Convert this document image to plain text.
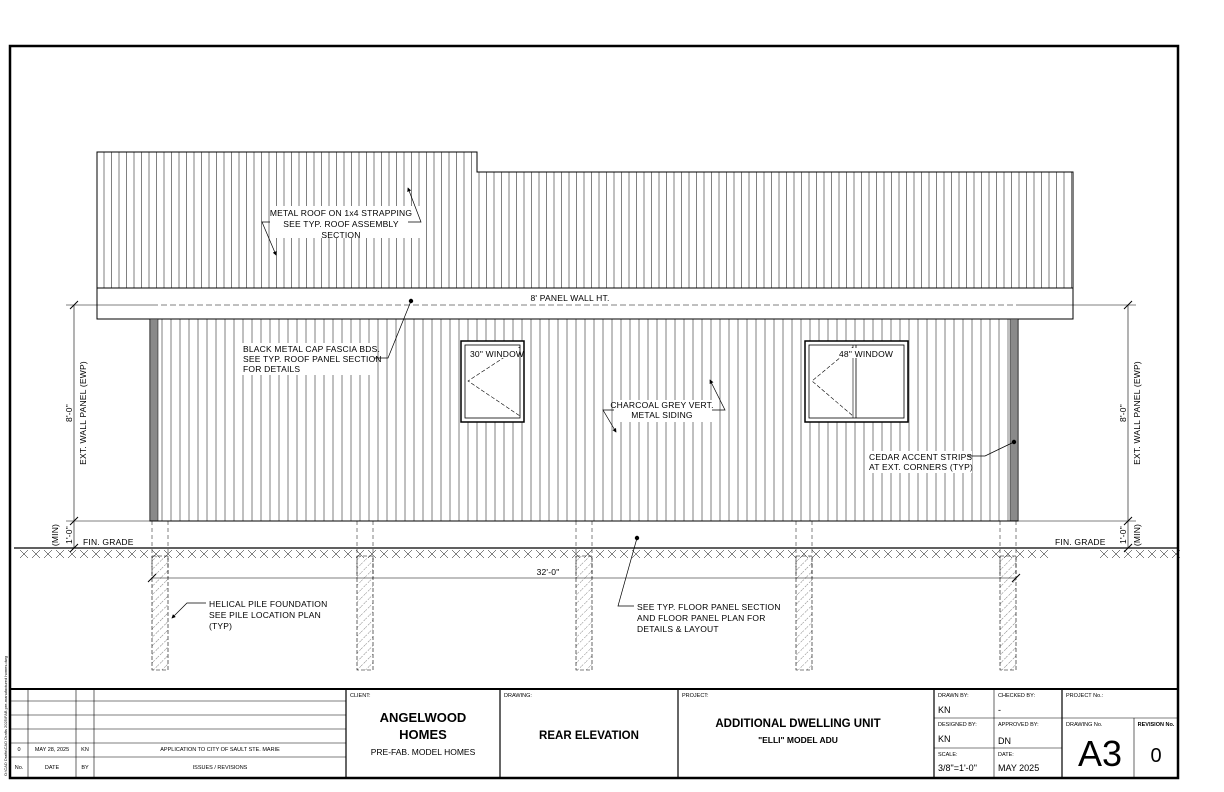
30" WINDOW	48" WINDOW
32'-0"
8'-0" EXT. WALL PANEL (EWP)
1'-0"
(MIN)	FIN. GRADE
8'-0" EXT. WALL PANEL (EWP)
1'-0" (MIN)
FIN. GRADE
METAL ROOF ON 1x4 STRAPPING
SEE TYP. ROOF ASSEMBLY
SECTION
8' PANEL WALL HT.
BLACK METAL CAP FASCIA BDS.
SEE TYP. ROOF PANEL SECTION
FOR DETAILS
CHARCOAL GREY VERT.
METAL SIDING
CEDAR ACCENT STRIPS
AT EXT. CORNERS (TYP)
HELICAL PILE FOUNDATION
SEE PILE LOCATION PLAN
(TYP)
SEE TYP. FLOOR PANEL SECTION
AND FLOOR PANEL PLAN FOR
DETAILS & LAYOUT
O:\CAD Drafts\CAD Drafts 2025\FAB pre-manufactured homes.dwg 0	MAY 28, 2025 KN	APPLICATION TO CITY OF SAULT STE. MARIE
No.	DATE	BY	ISSUES / REVISIONS
CLIENT:
ANGELWOOD
HOMES
PRE-FAB. MODEL HOMES
DRAWING:
REAR ELEVATION
PROJECT:
ADDITIONAL DWELLING UNIT
"ELLI" MODEL ADU
DRAWN BY:
KN
CHECKED BY:
-
DESIGNED BY:
KN
APPROVED BY:
DN
SCALE:
3/8"=1'-0"
DATE:
MAY 2025
PROJECT No.:
DRAWING No.
A3
REVISION No.
0
